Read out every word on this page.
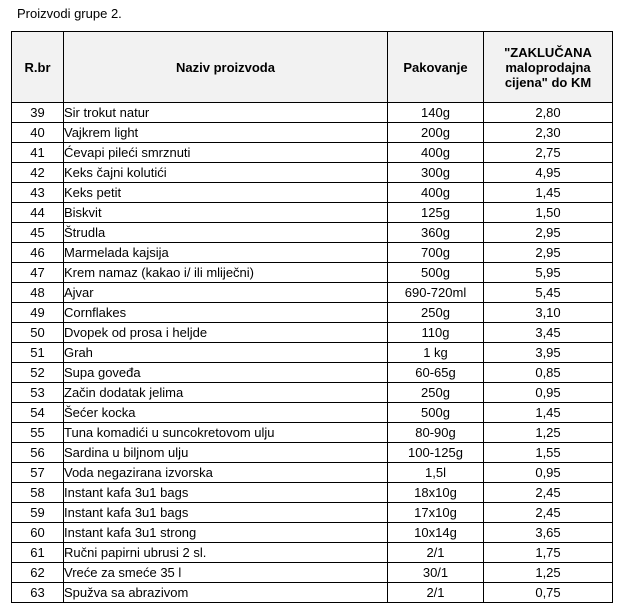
Proizvodi grupe 2.
R.br	Naziv proizvoda	Pakovanje	"ZAKLUČANA maloprodajna cijena" do KM
39	Sir trokut natur	140g	2,80
40	Vajkrem light	200g	2,30
41	Ćevapi pileći smrznuti	400g	2,75
42	Keks čajni kolutići	300g	4,95
43	Keks petit	400g	1,45
44	Biskvit	125g	1,50
45	Štrudla	360g	2,95
46	Marmelada kajsija	700g	2,95
47	Krem namaz (kakao i/ ili mliječni)	500g	5,95
48	Ajvar	690-720ml	5,45
49	Cornflakes	250g	3,10
50	Dvopek od prosa i heljde	110g	3,45
51	Grah	1 kg	3,95
52	Supa goveđa	60-65g	0,85
53	Začin dodatak jelima	250g	0,95
54	Šećer kocka	500g	1,45
55	Tuna komadići u suncokretovom ulju	80-90g	1,25
56	Sardina u biljnom ulju	100-125g	1,55
57	Voda negazirana izvorska	1,5l	0,95
58	Instant kafa 3u1 bags	18x10g	2,45
59	Instant kafa 3u1 bags	17x10g	2,45
60	Instant kafa 3u1 strong	10x14g	3,65
61	Ručni papirni ubrusi 2 sl.	2/1	1,75
62	Vreće za smeće 35 l	30/1	1,25
63	Spužva sa abrazivom	2/1	0,75
